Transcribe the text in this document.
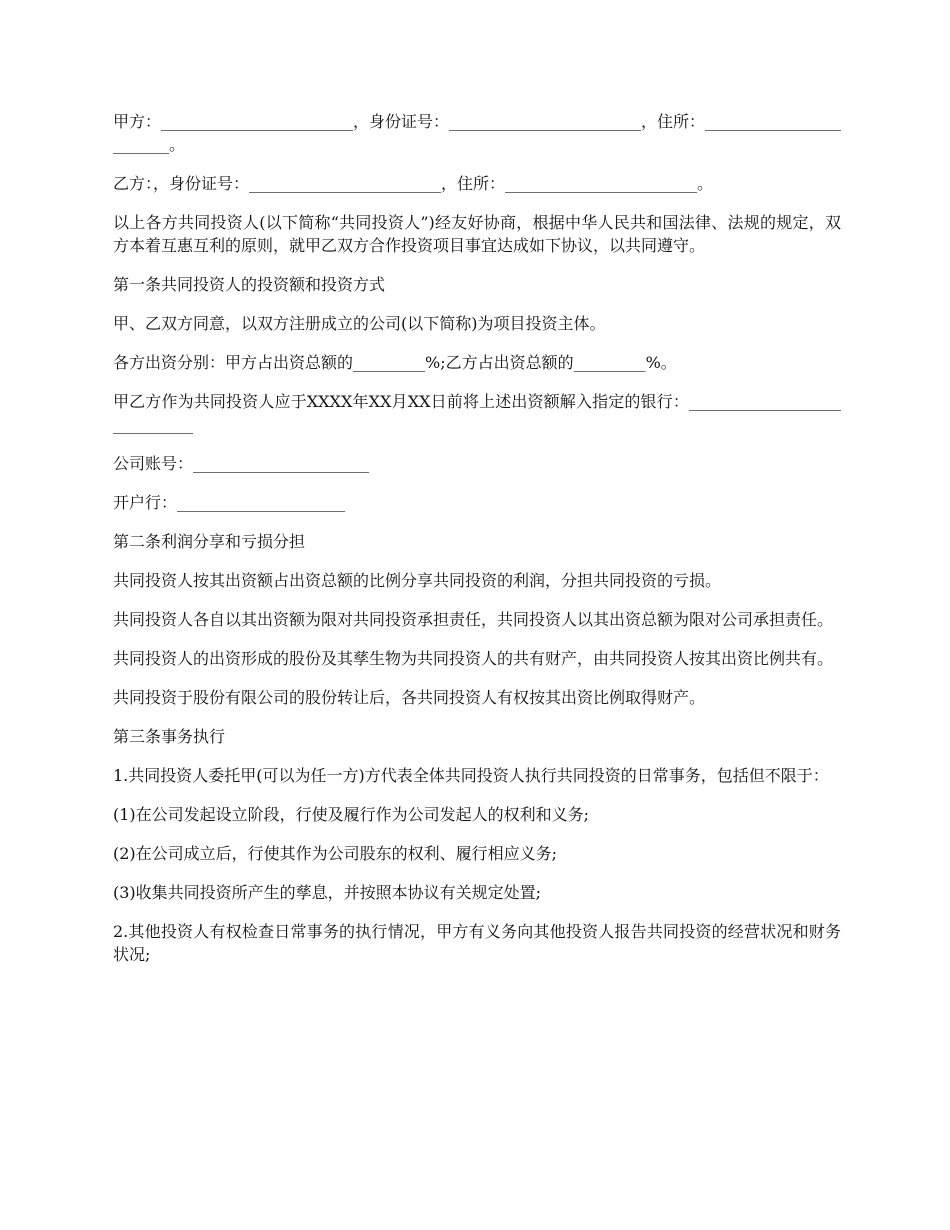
甲方：________________________，身份证号：________________________，住所：________________________。

乙方：，身份证号：________________________，住所：________________________。

以上各方共同投资人(以下简称“共同投资人”)经友好协商，根据中华人民共和国法律、法规的规定，双方本着互惠互利的原则，就甲乙双方合作投资项目事宜达成如下协议，以共同遵守。

第一条共同投资人的投资额和投资方式

甲、乙双方同意，以双方注册成立的公司(以下简称)为项目投资主体。

各方出资分别：甲方占出资总额的_________%;乙方占出资总额的_________%。

甲乙方作为共同投资人应于XXXX年XX月XX日前将上述出资额解入指定的银行：_____________________________

公司账号：______________________

开户行：_____________________

第二条利润分享和亏损分担

共同投资人按其出资额占出资总额的比例分享共同投资的利润，分担共同投资的亏损。

共同投资人各自以其出资额为限对共同投资承担责任，共同投资人以其出资总额为限对公司承担责任。

共同投资人的出资形成的股份及其孳生物为共同投资人的共有财产，由共同投资人按其出资比例共有。

共同投资于股份有限公司的股份转让后，各共同投资人有权按其出资比例取得财产。

第三条事务执行

1.共同投资人委托甲(可以为任一方)方代表全体共同投资人执行共同投资的日常事务，包括但不限于：

(1)在公司发起设立阶段，行使及履行作为公司发起人的权利和义务;

(2)在公司成立后，行使其作为公司股东的权利、履行相应义务;

(3)收集共同投资所产生的孳息，并按照本协议有关规定处置;

2.其他投资人有权检查日常事务的执行情况，甲方有义务向其他投资人报告共同投资的经营状况和财务状况;
